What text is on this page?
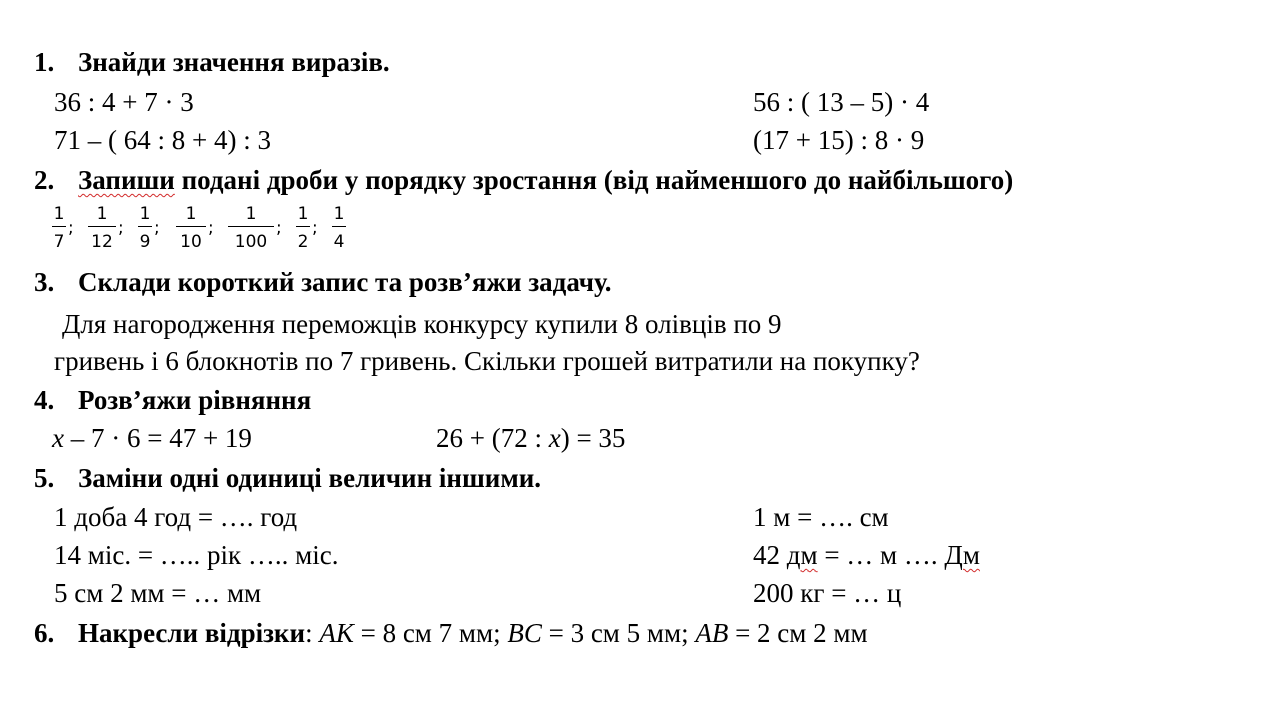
1. Знайди значення виразів.
36 : 4 + 7 · 3	56 : ( 13 – 5) · 4
71 – ( 64 : 8 + 4) : 3	(17 + 15) : 8 · 9
2. Запиши подані дроби у порядку зростання (від найменшого до найбільшого)
1
7
;
1
12
;
1
9
;
1
10
;
1
100
;
1
2
;
1
4
3. Склади короткий запис та розв’яжи задачу.
Для нагородження переможців конкурсу купили 8 олівців по 9
гривень і 6 блокнотів по 7 гривень. Скільки грошей витратили на покупку?
4. Розв’яжи рівняння
x – 7 · 6 = 47 + 19	26 + (72 : x) = 35
5. Заміни одні одиниці величин іншими.
1 доба 4 год = …. год	1 м = …. см
14 міс. = ….. рік ….. міс.	42 дм = … м …. Дм
5 см 2 мм = … мм	200 кг = … ц
6. Накресли відрізки: AK = 8 см 7 мм; BC = 3 см 5 мм; AB = 2 см 2 мм
